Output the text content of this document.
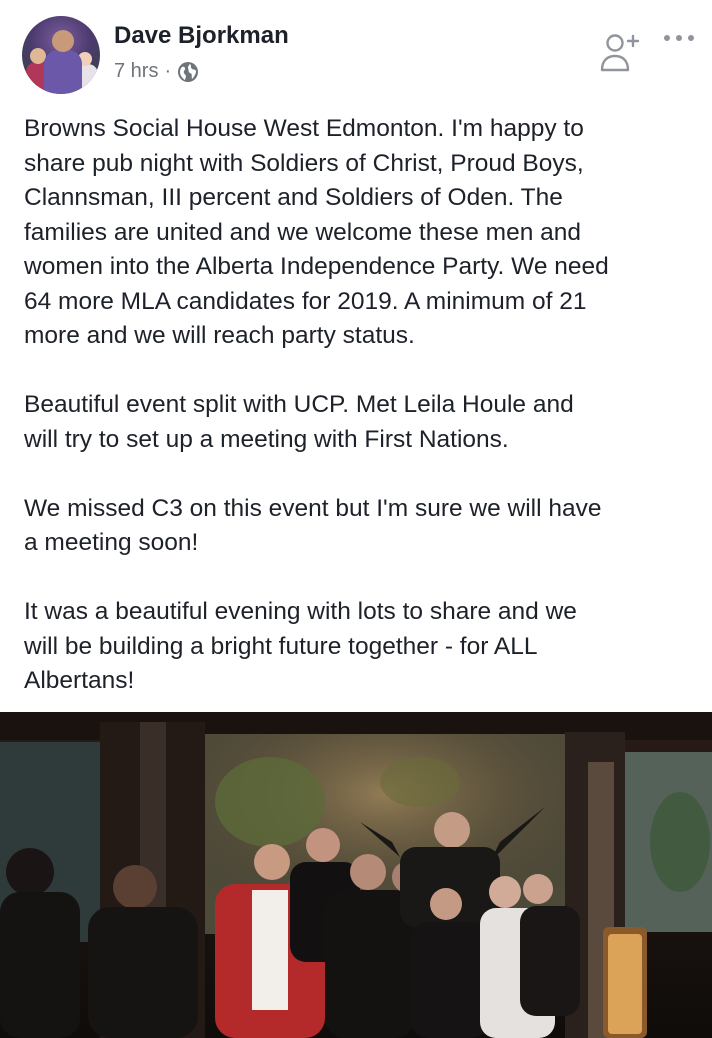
Dave Bjorkman
7 hrs ·

Browns Social House West Edmonton. I'm happy to
share pub night with Soldiers of Christ, Proud Boys,
Clannsman, III percent and Soldiers of Oden. The
families are united and we welcome these men and
women into the Alberta Independence Party. We need
64 more MLA candidates for 2019. A minimum of 21
more and we will reach party status.

Beautiful event split with UCP. Met Leila Houle and
will try to set up a meeting with First Nations.

We missed C3 on this event but I'm sure we will have
a meeting soon!

It was a beautiful evening with lots to share and we
will be building a bright future together - for ALL
Albertans!
